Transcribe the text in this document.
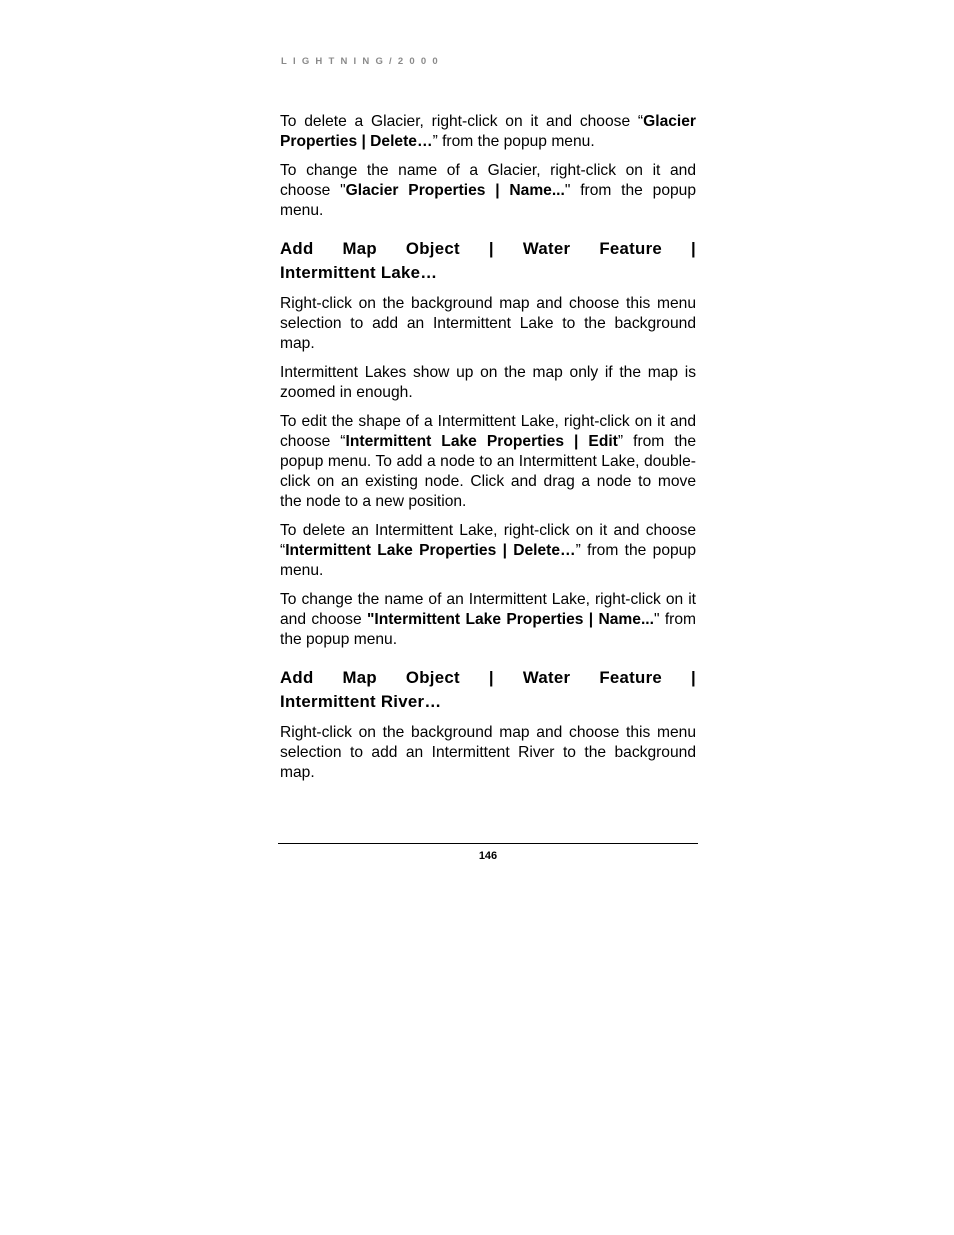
LIGHTNING/2000

To delete a Glacier, right-click on it and choose “Glacier Properties | Delete…” from the popup menu.

To change the name of a Glacier, right-click on it and choose "Glacier Properties | Name..." from the popup menu.

Add Map Object | Water Feature |
Intermittent Lake…

Right-click on the background map and choose this menu selection to add an Intermittent Lake to the background map.

Intermittent Lakes show up on the map only if the map is zoomed in enough.

To edit the shape of a Intermittent Lake, right-click on it and choose “Intermittent Lake Properties | Edit” from the popup menu. To add a node to an Intermittent Lake, double-click on an existing node. Click and drag a node to move the node to a new position.

To delete an Intermittent Lake, right-click on it and choose “Intermittent Lake Properties | Delete…” from the popup menu.

To change the name of an Intermittent Lake, right-click on it and choose "Intermittent Lake Properties | Name..." from the popup menu.

Add Map Object | Water Feature |
Intermittent River…

Right-click on the background map and choose this menu selection to add an Intermittent River to the background map.

146
